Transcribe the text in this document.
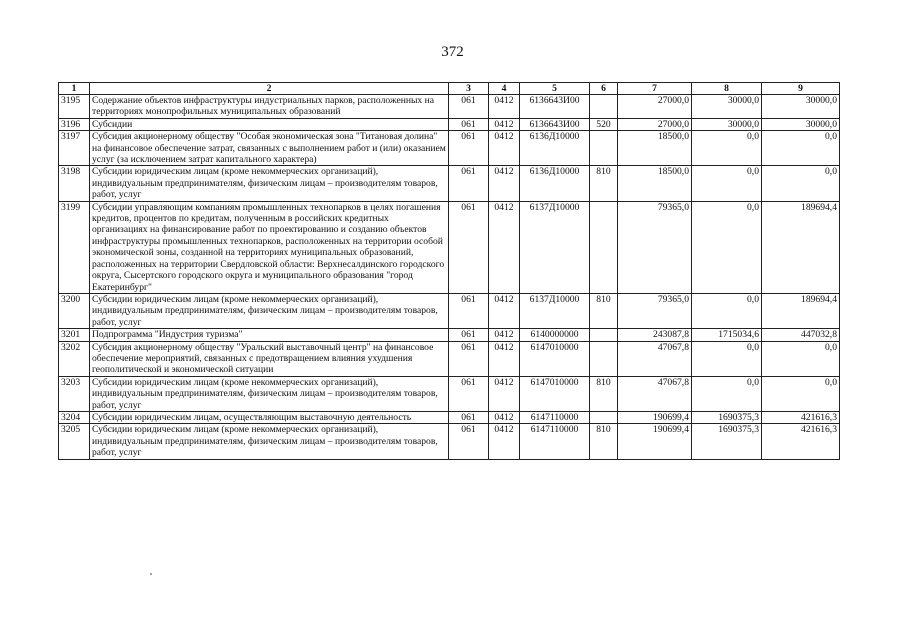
372
1	2	3	4	5	6	7	8	9
3195	Содержание объектов инфраструктуры индустриальных парков, расположенных на территориях монопрофильных муниципальных образований	061	0412	6136643И00		27000,0	30000,0	30000,0
3196	Субсидии	061	0412	6136643И00	520	27000,0	30000,0	30000,0
3197	Субсидия акционерному обществу "Особая экономическая зона "Титановая долина" на финансовое обеспечение затрат, связанных с выполнением работ и (или) оказанием услуг (за исключением затрат капитального характера)	061	0412	6136Д10000		18500,0	0,0	0,0
3198	Субсидии юридическим лицам (кроме некоммерческих организаций), индивидуальным предпринимателям, физическим лицам – производителям товаров, работ, услуг	061	0412	6136Д10000	810	18500,0	0,0	0,0
3199	Субсидии управляющим компаниям промышленных технопарков в целях погашения кредитов, процентов по кредитам, полученным в российских кредитных организациях на финансирование работ по проектированию и созданию объектов инфраструктуры промышленных технопарков, расположенных на территории особой экономической зоны, созданной на территориях муниципальных образований, расположенных на территории Свердловской области: Верхнесалдинского городского округа, Сысертского городского округа и муниципального образования "город Екатеринбург"	061	0412	6137Д10000		79365,0	0,0	189694,4
3200	Субсидии юридическим лицам (кроме некоммерческих организаций), индивидуальным предпринимателям, физическим лицам – производителям товаров, работ, услуг	061	0412	6137Д10000	810	79365,0	0,0	189694,4
3201	Подпрограмма "Индустрия туризма"	061	0412	6140000000		243087,8	1715034,6	447032,8
3202	Субсидия акционерному обществу "Уральский выставочный центр" на финансовое обеспечение мероприятий, связанных с предотвращением влияния ухудшения геополитической и экономической ситуации	061	0412	6147010000		47067,8	0,0	0,0
3203	Субсидии юридическим лицам (кроме некоммерческих организаций), индивидуальным предпринимателям, физическим лицам – производителям товаров, работ, услуг	061	0412	6147010000	810	47067,8	0,0	0,0
3204	Субсидии юридическим лицам, осуществляющим выставочную деятельность	061	0412	6147110000		190699,4	1690375,3	421616,3
3205	Субсидии юридическим лицам (кроме некоммерческих организаций), индивидуальным предпринимателям, физическим лицам – производителям товаров, работ, услуг	061	0412	6147110000	810	190699,4	1690375,3	421616,3
